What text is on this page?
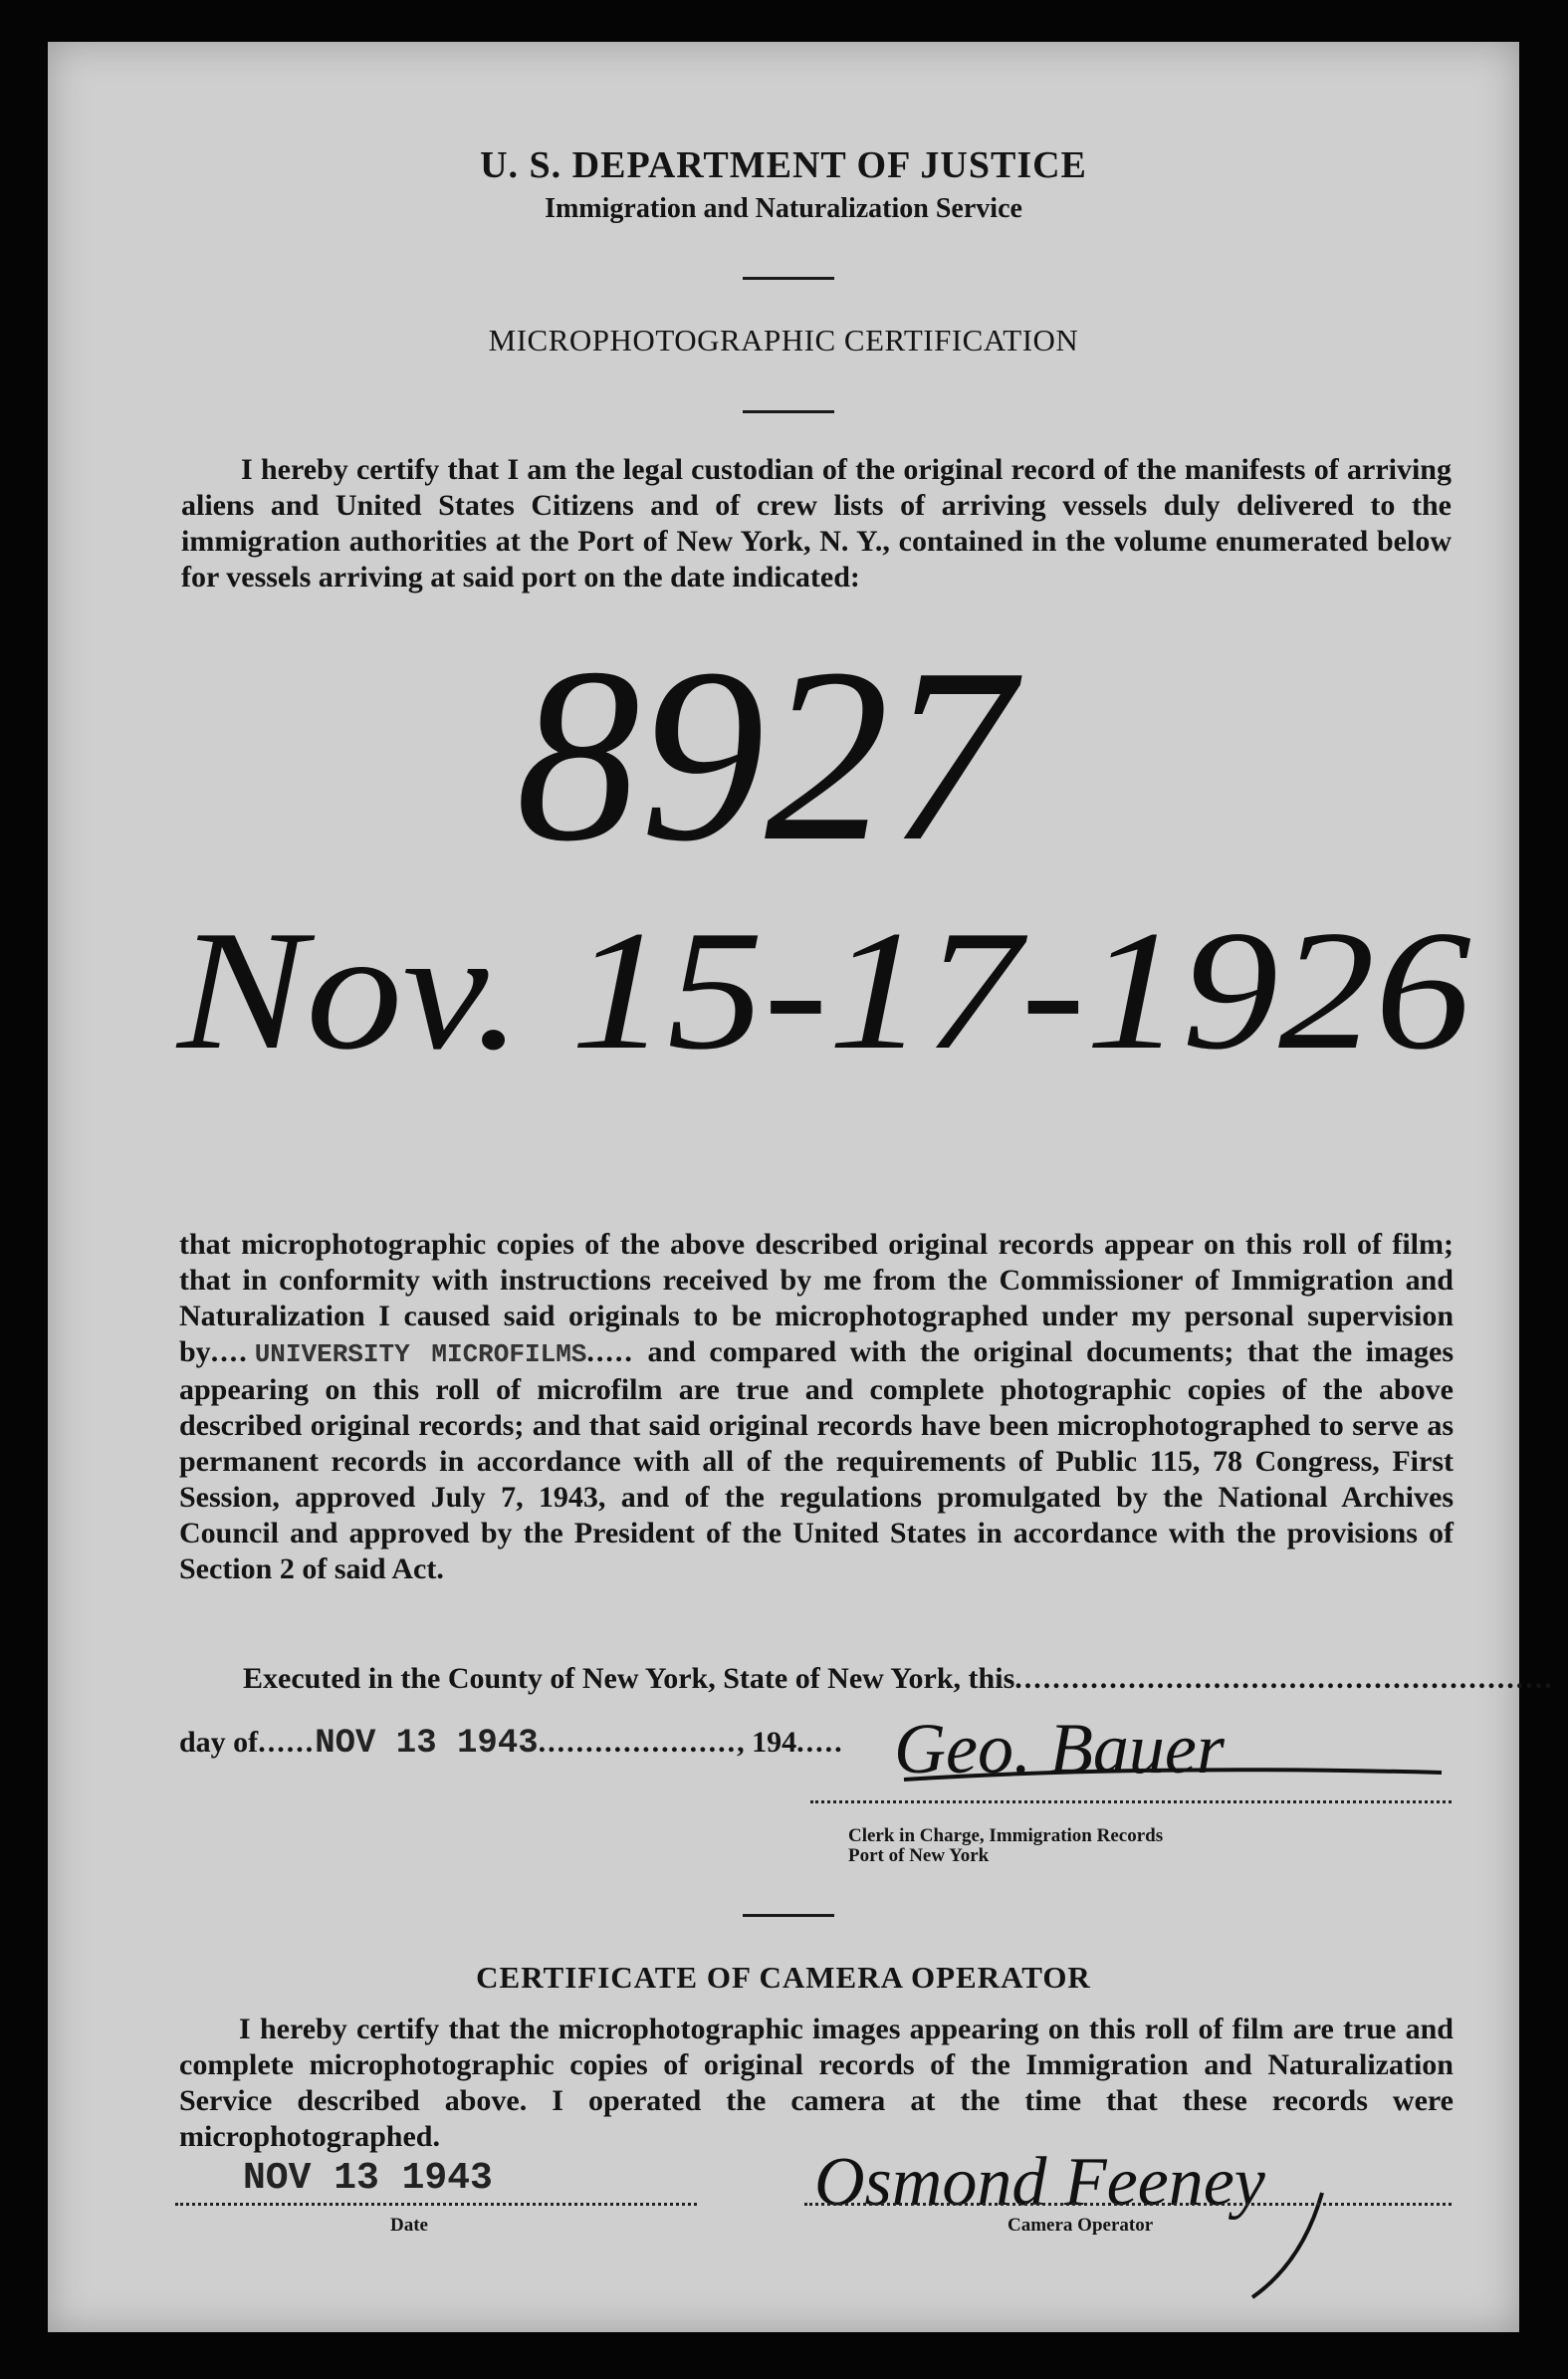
U. S. DEPARTMENT OF JUSTICE
Immigration and Naturalization Service
MICROPHOTOGRAPHIC CERTIFICATION
I hereby certify that I am the legal custodian of the original record of the manifests of arriving aliens and United States Citizens and of crew lists of arriving vessels duly delivered to the immigration authorities at the Port of New York, N. Y., contained in the volume enumerated below for vessels arriving at said port on the date indicated:
8927
Nov. 15-17-1926
that microphotographic copies of the above described original records appear on this roll of film; that in conformity with instructions received by me from the Commissioner of Immigration and Naturalization I caused said originals to be microphotographed under my personal supervision by.... UNIVERSITY MICROFILMS..... and compared with the original documents; that the images appearing on this roll of microfilm are true and complete photographic copies of the above described original records; and that said original records have been microphotographed to serve as permanent records in accordance with all of the requirements of Public 115, 78 Congress, First Session, approved July 7, 1943, and of the regulations promulgated by the National Archives Council and approved by the President of the United States in accordance with the provisions of Section 2 of said Act.
Executed in the County of New York, State of New York, this.........................................................
day of......NOV 13 1943....................., 194..... Geo. Bauer
Clerk in Charge, Immigration Records
Port of New York
CERTIFICATE OF CAMERA OPERATOR
I hereby certify that the microphotographic images appearing on this roll of film are true and complete microphotographic copies of original records of the Immigration and Naturalization Service described above. I operated the camera at the time that these records were microphotographed.
NOV 13 1943
Date
Osmond Feeney
Camera Operator
